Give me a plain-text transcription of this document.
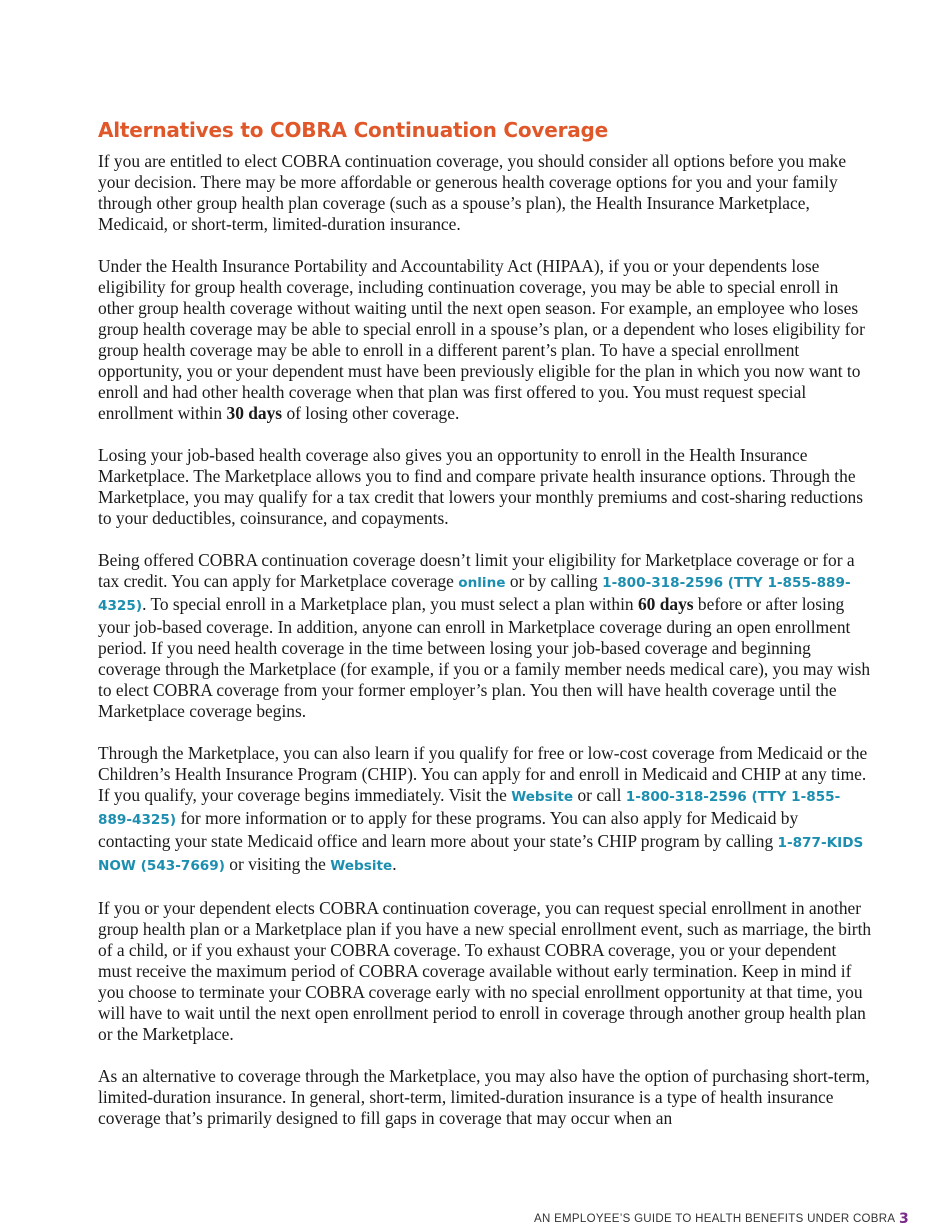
Alternatives to COBRA Continuation Coverage

If you are entitled to elect COBRA continuation coverage, you should consider all options before you make your decision. There may be more affordable or generous health coverage options for you and your family through other group health plan coverage (such as a spouse’s plan), the Health Insurance Marketplace, Medicaid, or short-term, limited-duration insurance.

Under the Health Insurance Portability and Accountability Act (HIPAA), if you or your dependents lose eligibility for group health coverage, including continuation coverage, you may be able to special enroll in other group health coverage without waiting until the next open season. For example, an employee who loses group health coverage may be able to special enroll in a spouse’s plan, or a dependent who loses eligibility for group health coverage may be able to enroll in a different parent’s plan. To have a special enrollment opportunity, you or your dependent must have been previously eligible for the plan in which you now want to enroll and had other health coverage when that plan was first offered to you. You must request special enrollment within 30 days of losing other coverage.

Losing your job-based health coverage also gives you an opportunity to enroll in the Health Insurance Marketplace. The Marketplace allows you to find and compare private health insurance options. Through the Marketplace, you may qualify for a tax credit that lowers your monthly premiums and cost-sharing reductions to your deductibles, coinsurance, and copayments.

Being offered COBRA continuation coverage doesn’t limit your eligibility for Marketplace coverage or for a tax credit. You can apply for Marketplace coverage online or by calling 1-800-318-2596 (TTY 1-855-889-4325). To special enroll in a Marketplace plan, you must select a plan within 60 days before or after losing your job-based coverage. In addition, anyone can enroll in Marketplace coverage during an open enrollment period. If you need health coverage in the time between losing your job-based coverage and beginning coverage through the Marketplace (for example, if you or a family member needs medical care), you may wish to elect COBRA coverage from your former employer’s plan. You then will have health coverage until the Marketplace coverage begins.

Through the Marketplace, you can also learn if you qualify for free or low-cost coverage from Medicaid or the Children’s Health Insurance Program (CHIP). You can apply for and enroll in Medicaid and CHIP at any time. If you qualify, your coverage begins immediately. Visit the Website or call 1-800-318-2596 (TTY 1-855-889-4325) for more information or to apply for these programs. You can also apply for Medicaid by contacting your state Medicaid office and learn more about your state’s CHIP program by calling 1-877-KIDS NOW (543-7669) or visiting the Website.

If you or your dependent elects COBRA continuation coverage, you can request special enrollment in another group health plan or a Marketplace plan if you have a new special enrollment event, such as marriage, the birth of a child, or if you exhaust your COBRA coverage. To exhaust COBRA coverage, you or your dependent must receive the maximum period of COBRA coverage available without early termination. Keep in mind if you choose to terminate your COBRA coverage early with no special enrollment opportunity at that time, you will have to wait until the next open enrollment period to enroll in coverage through another group health plan or the Marketplace.

As an alternative to coverage through the Marketplace, you may also have the option of purchasing short-term, limited-duration insurance. In general, short-term, limited-duration insurance is a type of health insurance coverage that’s primarily designed to fill gaps in coverage that may occur when an

AN EMPLOYEE’S GUIDE TO HEALTH BENEFITS UNDER COBRA 3
